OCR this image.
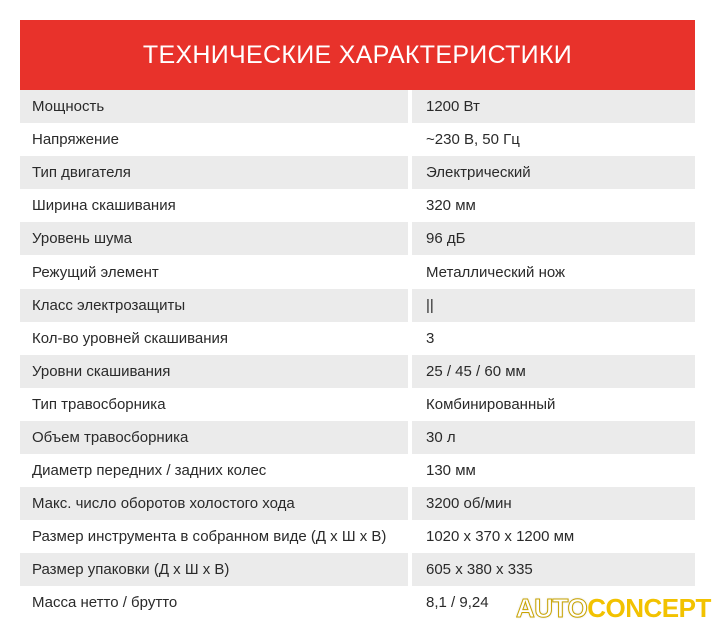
ТЕХНИЧЕСКИЕ ХАРАКТЕРИСТИКИ
Мощность	1200 Вт
Напряжение	~230 В, 50 Гц
Тип двигателя	Электрический
Ширина скашивания	320 мм
Уровень шума	96 дБ
Режущий элемент	Металлический нож
Класс электрозащиты	||
Кол-во уровней скашивания	3
Уровни скашивания	25 / 45 / 60 мм
Тип травосборника	Комбинированный
Объем травосборника	30 л
Диаметр передних / задних колес	130 мм
Макс. число оборотов холостого хода	3200 об/мин
Размер инструмента в собранном виде (Д х Ш х В)	1020 x 370 x 1200 мм
Размер упаковки (Д х Ш х В)	605 x 380 x 335
Масса нетто / брутто	8,1 / 9,24	AUTOCONCEPT
